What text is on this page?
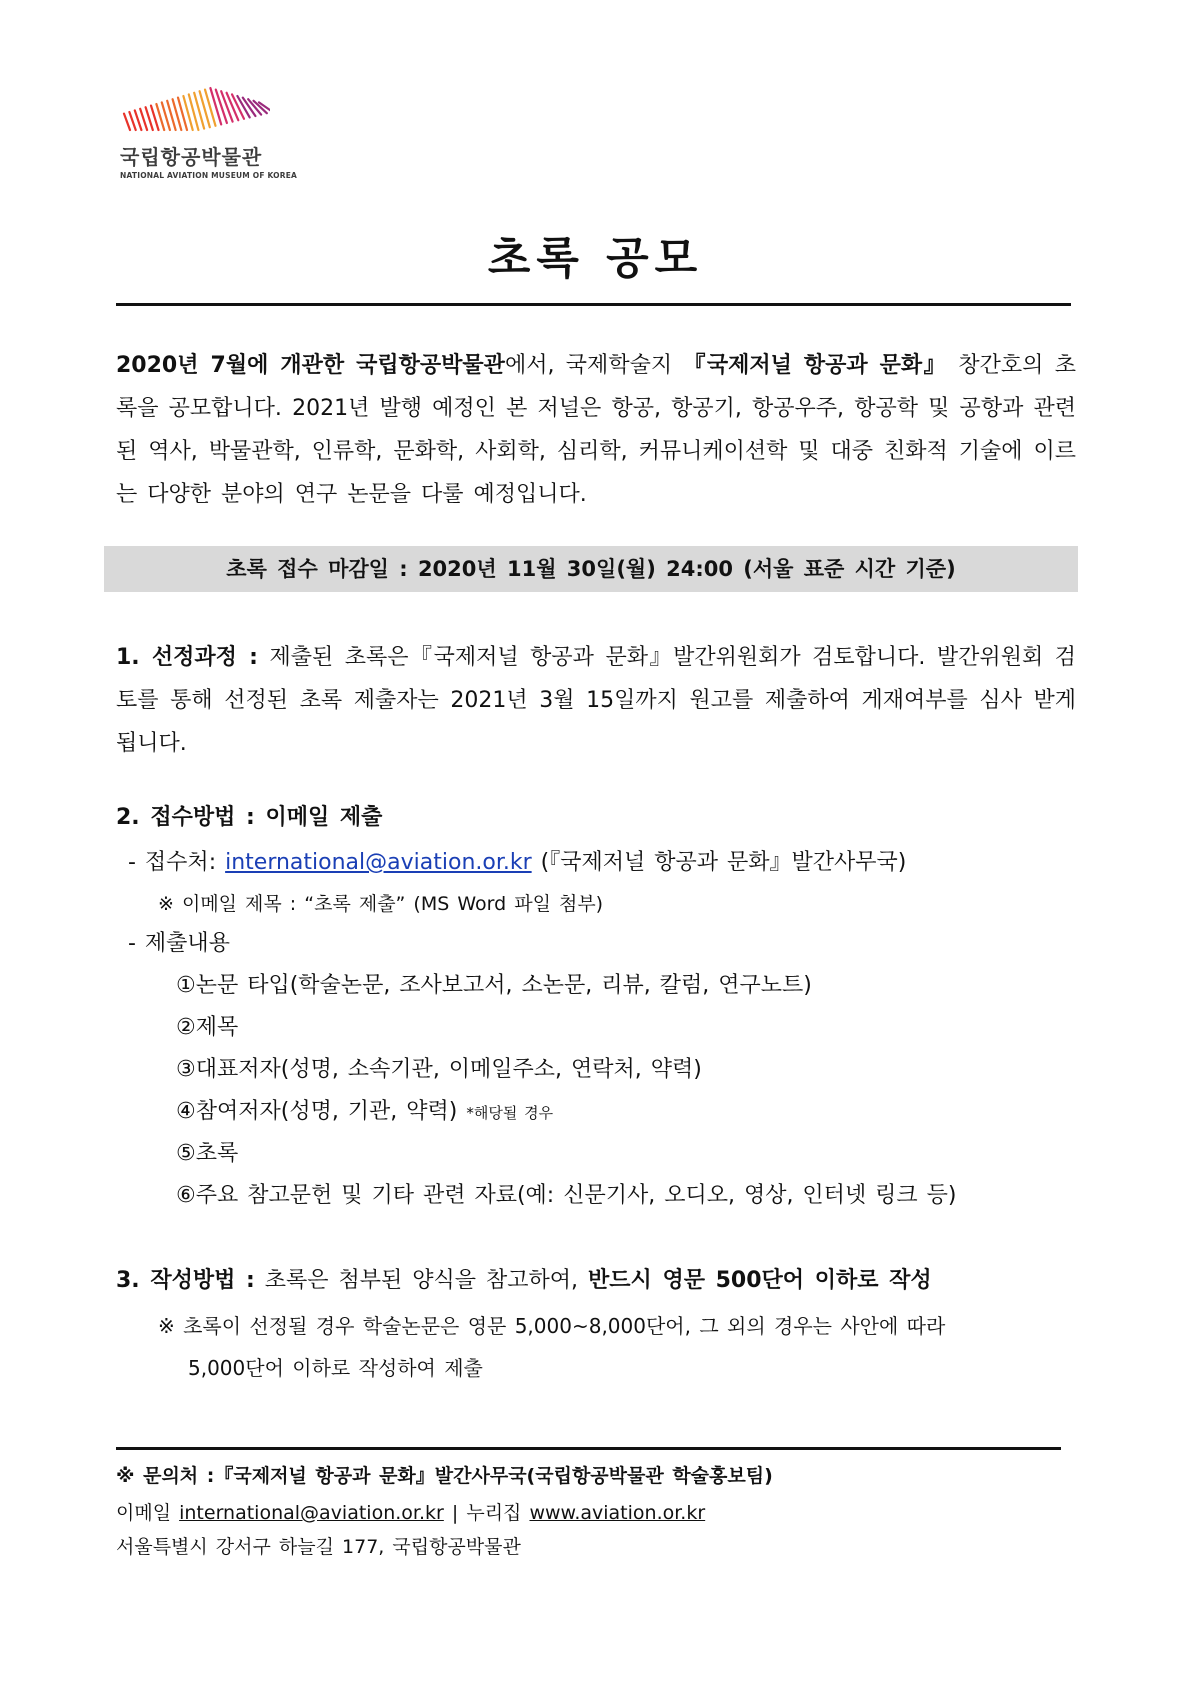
국립항공박물관
NATIONAL AVIATION MUSEUM OF KOREA
초록 공모
2020년 7월에 개관한 국립항공박물관에서, 국제학술지 『국제저널 항공과 문화』 창간호의 초록을 공모합니다. 2021년 발행 예정인 본 저널은 항공, 항공기, 항공우주, 항공학 및 공항과 관련된 역사, 박물관학, 인류학, 문화학, 사회학, 심리학, 커뮤니케이션학 및 대중 친화적 기술에 이르는 다양한 분야의 연구 논문을 다룰 예정입니다.
초록 접수 마감일 : 2020년 11월 30일(월) 24:00 (서울 표준 시간 기준)
1. 선정과정 : 제출된 초록은『국제저널 항공과 문화』발간위원회가 검토합니다. 발간위원회 검토를 통해 선정된 초록 제출자는 2021년 3월 15일까지 원고를 제출하여 게재여부를 심사 받게 됩니다.
2. 접수방법 : 이메일 제출
- 접수처: international@aviation.or.kr (『국제저널 항공과 문화』발간사무국)
※ 이메일 제목 : “초록 제출” (MS Word 파일 첨부)
- 제출내용
①논문 타입(학술논문, 조사보고서, 소논문, 리뷰, 칼럼, 연구노트)
②제목
③대표저자(성명, 소속기관, 이메일주소, 연락처, 약력)
④참여저자(성명, 기관, 약력) *해당될 경우
⑤초록
⑥주요 참고문헌 및 기타 관련 자료(예: 신문기사, 오디오, 영상, 인터넷 링크 등)
3. 작성방법 : 초록은 첨부된 양식을 참고하여, 반드시 영문 500단어 이하로 작성
※ 초록이 선정될 경우 학술논문은 영문 5,000~8,000단어, 그 외의 경우는 사안에 따라
5,000단어 이하로 작성하여 제출
※ 문의처 :『국제저널 항공과 문화』발간사무국(국립항공박물관 학술홍보팀)
이메일 international@aviation.or.kr | 누리집 www.aviation.or.kr
서울특별시 강서구 하늘길 177, 국립항공박물관
